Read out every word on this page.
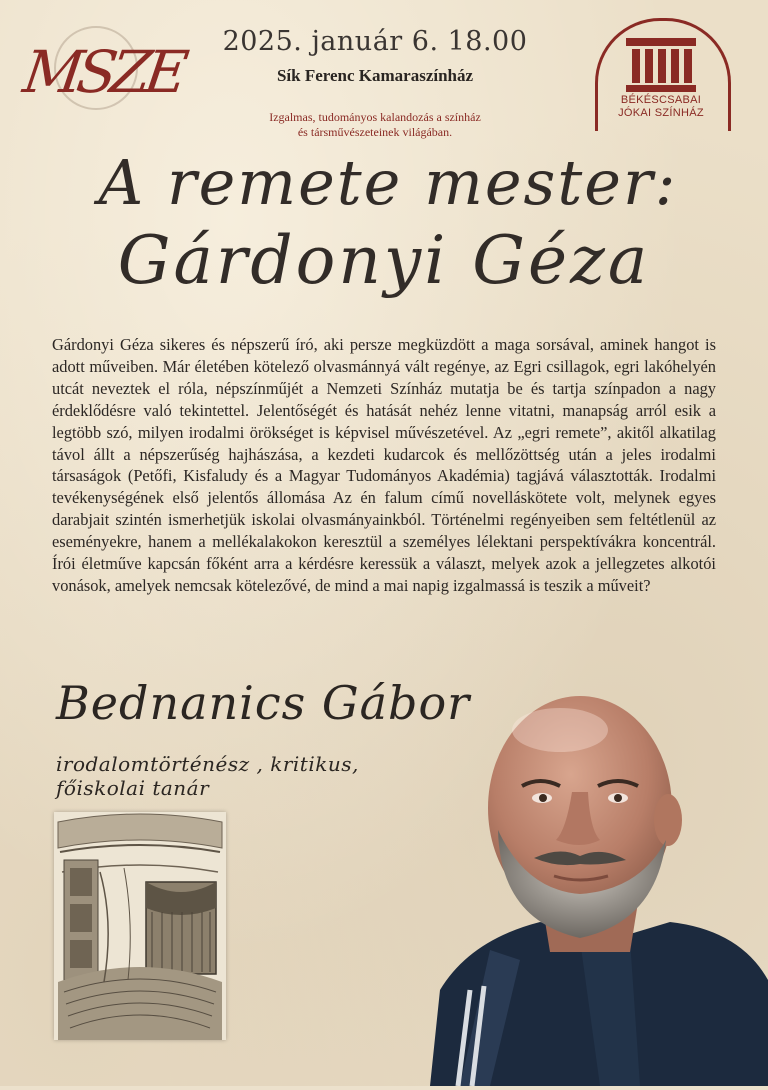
MSZE	2025. január 6. 18.00
Sík Ferenc Kamaraszínház
Izgalmas, tudományos kalandozás a színház
és társművészeteinek világában.
BÉKÉSCSABAI
JÓKAI SZÍNHÁZ
A remete mester:
Gárdonyi Géza
Gárdonyi Géza sikeres és népszerű író, aki persze megküzdött a maga sorsával, aminek hangot is adott műveiben. Már életében kötelező olvasmánnyá vált regénye, az Egri csillagok, egri lakóhelyén utcát neveztek el róla, népszínműjét a Nemzeti Színház mutatja be és tartja színpadon a nagy érdeklődésre való tekintettel. Jelentőségét és hatását nehéz lenne vitatni, manapság arról esik a legtöbb szó, milyen irodalmi örökséget is képvisel művészetével. Az „egri remete”, akitől alkatilag távol állt a népszerűség hajhászása, a kezdeti kudarcok és mellőzöttség után a jeles irodalmi társaságok (Petőfi, Kisfaludy és a Magyar Tudományos Akadémia) tagjává választották. Irodalmi tevékenységének első jelentős állomása Az én falum című novelláskötete volt, melynek egyes darabjait szintén ismerhetjük iskolai olvasmányainkból. Történelmi regényeiben sem feltétlenül az eseményekre, hanem a mellékalakokon keresztül a személyes lélektani perspektívákra koncentrál. Írói életműve kapcsán főként arra a kérdésre keressük a választ, melyek azok a jellegzetes alkotói vonások, amelyek nemcsak kötelezővé, de mind a mai napig izgalmassá is teszik a műveit?
Bednanics Gábor
irodalomtörténész , kritikus,
főiskolai tanár
